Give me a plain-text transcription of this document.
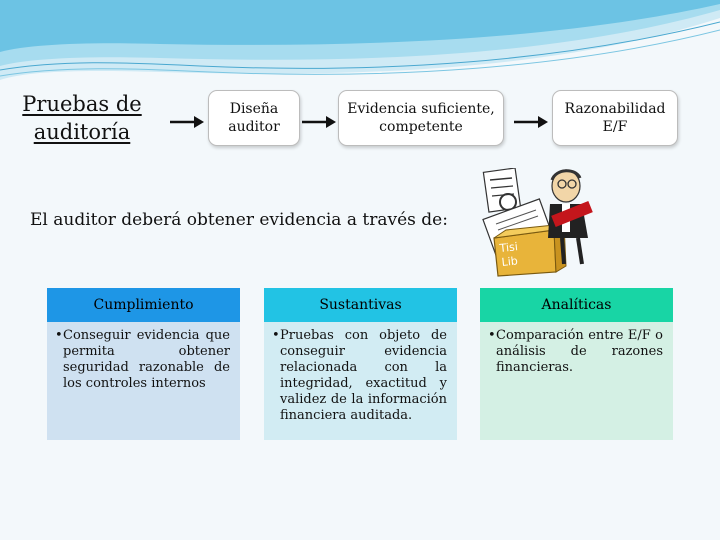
Pruebas de auditoría
Diseña auditor
Evidencia suficiente, competente
Razonabilidad E/F
El auditor deberá obtener evidencia a través de:
Tisi
Lib
Cumplimiento
• Conseguir evidencia que permita obtener seguridad razonable de los controles internos
Sustantivas
• Pruebas con objeto de conseguir evidencia relacionada con la integridad, exactitud y validez de la información financiera auditada.
Analíticas
• Comparación entre E/F o análisis de razones financieras.
